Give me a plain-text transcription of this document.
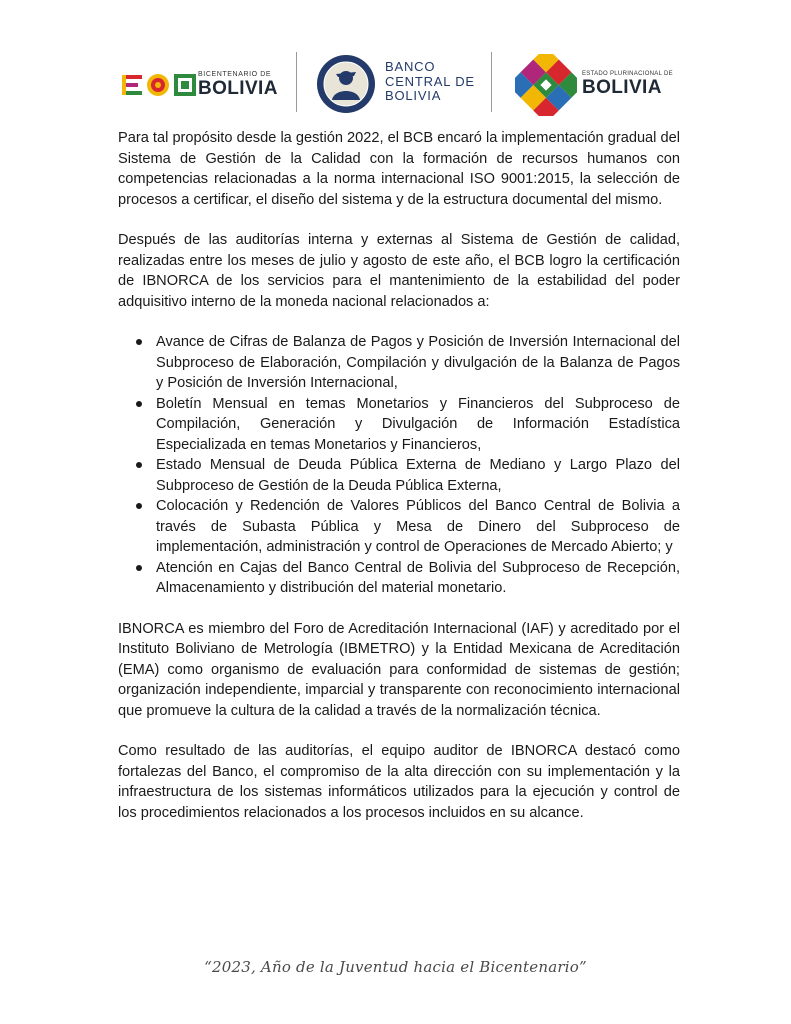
BICENTENARIO DE
BOLIVIA
BANCO
CENTRAL DE
BOLIVIA
ESTADO PLURINACIONAL DE
BOLIVIA

Para tal propósito desde la gestión 2022, el BCB encaró la implementación gradual del Sistema de Gestión de la Calidad con la formación de recursos humanos con competencias relacionadas a la norma internacional ISO 9001:2015, la selección de procesos a certificar, el diseño del sistema y de la estructura documental del mismo.

Después de las auditorías interna y externas al Sistema de Gestión de calidad, realizadas entre los meses de julio y agosto de este año, el BCB logro la certificación de IBNORCA de los servicios para el mantenimiento de la estabilidad del poder adquisitivo interno de la moneda nacional relacionados a:

Avance de Cifras de Balanza de Pagos y Posición de Inversión Internacional del Subproceso de Elaboración, Compilación y divulgación de la Balanza de Pagos y Posición de Inversión Internacional,
Boletín Mensual en temas Monetarios y Financieros del Subproceso de Compilación, Generación y Divulgación de Información Estadística Especializada en temas Monetarios y Financieros,
Estado Mensual de Deuda Pública Externa de Mediano y Largo Plazo del Subproceso de Gestión de la Deuda Pública Externa,
Colocación y Redención de Valores Públicos del Banco Central de Bolivia a través de Subasta Pública y Mesa de Dinero del Subproceso de implementación, administración y control de Operaciones de Mercado Abierto; y
Atención en Cajas del Banco Central de Bolivia del Subproceso de Recepción, Almacenamiento y distribución del material monetario.

IBNORCA es miembro del Foro de Acreditación Internacional (IAF) y acreditado por el Instituto Boliviano de Metrología (IBMETRO) y la Entidad Mexicana de Acreditación (EMA) como organismo de evaluación para conformidad de sistemas de gestión; organización independiente, imparcial y transparente con reconocimiento internacional que promueve la cultura de la calidad a través de la normalización técnica.

Como resultado de las auditorías, el equipo auditor de IBNORCA destacó como fortalezas del Banco, el compromiso de la alta dirección con su implementación y la infraestructura de los sistemas informáticos utilizados para la ejecución y control de los procedimientos relacionados a los procesos incluidos en su alcance.

“2023, Año de la Juventud hacia el Bicentenario”
